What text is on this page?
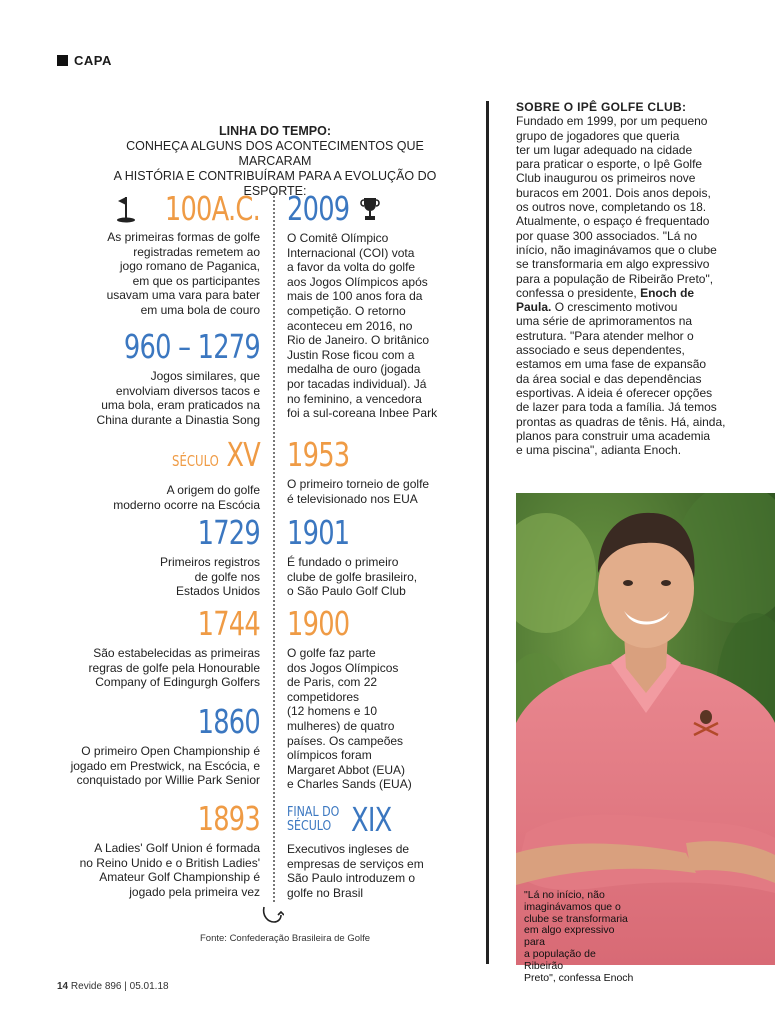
CAPA
LINHA DO TEMPO:
CONHEÇA ALGUNS DOS ACONTECIMENTOS QUE MARCARAM
A HISTÓRIA E CONTRIBUÍRAM PARA A EVOLUÇÃO DO ESPORTE:
100A.C.
As primeiras formas de golfe
registradas remetem ao
jogo romano de Paganica,
em que os participantes
usavam uma vara para bater
em uma bola de couro
960 – 1279
Jogos similares, que
envolviam diversos tacos e
uma bola, eram praticados na
China durante a Dinastia Song
SÉCULO XV
A origem do golfe
moderno ocorre na Escócia
1729
Primeiros registros
de golfe nos
Estados Unidos
1744
São estabelecidas as primeiras
regras de golfe pela Honourable
Company of Edingurgh Golfers
1860
O primeiro Open Championship é
jogado em Prestwick, na Escócia, e
conquistado por Willie Park Senior
1893
A Ladies' Golf Union é formada
no Reino Unido e o British Ladies'
Amateur Golf Championship é
jogado pela primeira vez
2009
O Comitê Olímpico
Internacional (COI) vota
a favor da volta do golfe
aos Jogos Olímpicos após
mais de 100 anos fora da
competição. O retorno
aconteceu em 2016, no
Rio de Janeiro. O britânico
Justin Rose ficou com a
medalha de ouro (jogada
por tacadas individual). Já
no feminino, a vencedora
foi a sul-coreana Inbee Park
1953
O primeiro torneio de golfe
é televisionado nos EUA
1901
É fundado o primeiro
clube de golfe brasileiro,
o São Paulo Golf Club
1900
O golfe faz parte
dos Jogos Olímpicos
de Paris, com 22
competidores
(12 homens e 10
mulheres) de quatro
países. Os campeões
olímpicos foram
Margaret Abbot (EUA)
e Charles Sands (EUA)
FINAL DO
SÉCULO XIX
Executivos ingleses de
empresas de serviços em
São Paulo introduzem o
golfe no Brasil
Fonte: Confederação Brasileira de Golfe
SOBRE O IPÊ GOLFE CLUB:
Fundado em 1999, por um pequeno
grupo de jogadores que queria
ter um lugar adequado na cidade
para praticar o esporte, o Ipê Golfe
Club inaugurou os primeiros nove
buracos em 2001. Dois anos depois,
os outros nove, completando os 18.
Atualmente, o espaço é frequentado
por quase 300 associados. "Lá no
início, não imaginávamos que o clube
se transformaria em algo expressivo
para a população de Ribeirão Preto",
confessa o presidente, Enoch de
Paula. O crescimento motivou
uma série de aprimoramentos na
estrutura. "Para atender melhor o
associado e seus dependentes,
estamos em uma fase de expansão
da área social e das dependências
esportivas. A ideia é oferecer opções
de lazer para toda a família. Já temos
prontas as quadras de tênis. Há, ainda,
planos para construir uma academia
e uma piscina", adianta Enoch.
"Lá no início, não
imaginávamos que o
clube se transformaria
em algo expressivo para
a população de Ribeirão
Preto", confessa Enoch
14 Revide 896 | 05.01.18
